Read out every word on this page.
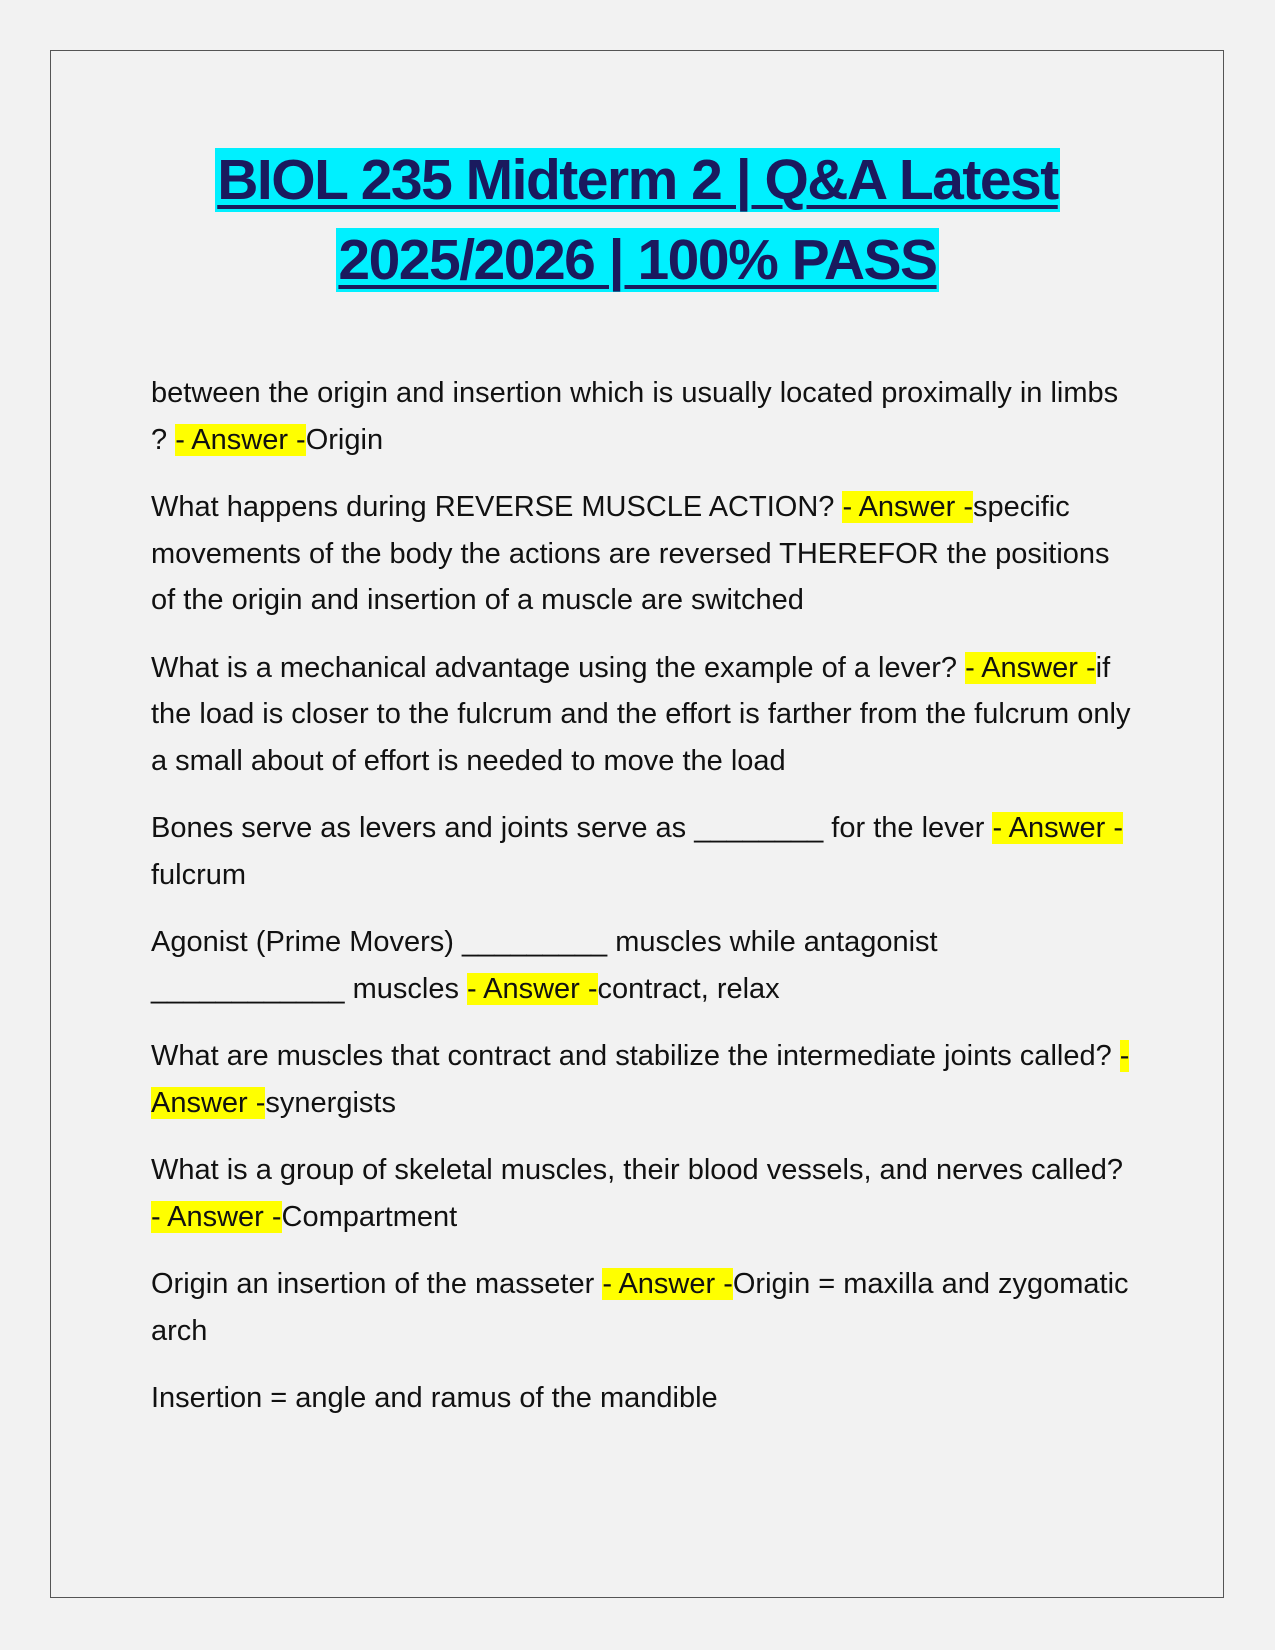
BIOL 235 Midterm 2 | Q&A Latest
2025/2026 | 100% PASS

between the origin and insertion which is usually located proximally in limbs ? - Answer -Origin

What happens during REVERSE MUSCLE ACTION? - Answer -specific movements of the body the actions are reversed THEREFOR the positions of the origin and insertion of a muscle are switched

What is a mechanical advantage using the example of a lever? - Answer -if the load is closer to the fulcrum and the effort is farther from the fulcrum only a small about of effort is needed to move the load

Bones serve as levers and joints serve as ________ for the lever - Answer -fulcrum

Agonist (Prime Movers) _________ muscles while antagonist ____________ muscles - Answer -contract, relax

What are muscles that contract and stabilize the intermediate joints called? - Answer -synergists

What is a group of skeletal muscles, their blood vessels, and nerves called? - Answer -Compartment

Origin an insertion of the masseter - Answer -Origin = maxilla and zygomatic arch

Insertion = angle and ramus of the mandible
